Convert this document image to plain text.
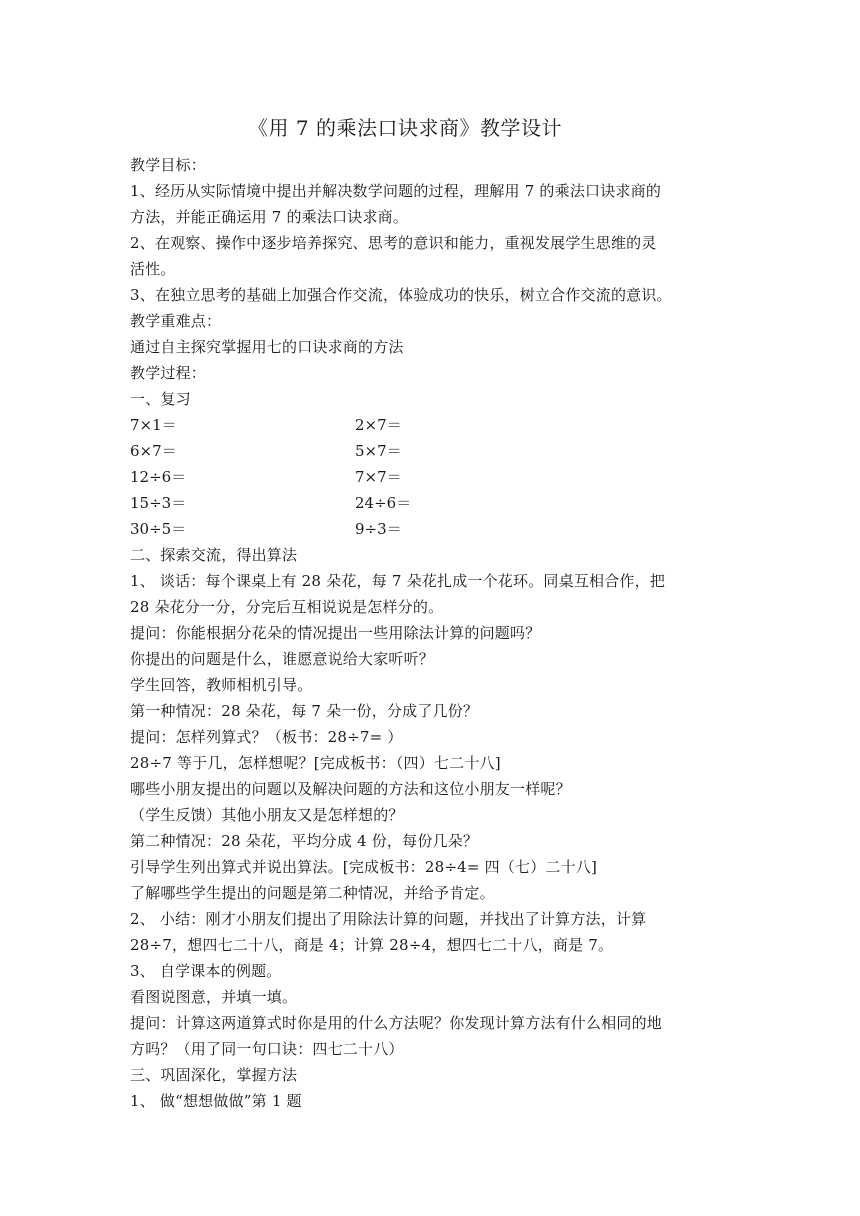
《用 7 的乘法口诀求商》教学设计
教学目标：
1、经历从实际情境中提出并解决数学问题的过程，理解用 7 的乘法口诀求商的
方法，并能正确运用 7 的乘法口诀求商。
2、在观察、操作中逐步培养探究、思考的意识和能力，重视发展学生思维的灵
活性。
3、在独立思考的基础上加强合作交流，体验成功的快乐，树立合作交流的意识。
教学重难点：
通过自主探究掌握用七的口诀求商的方法
教学过程：
一、复习
7×1＝	2×7＝
6×7＝	5×7＝
12÷6＝	7×7＝
15÷3＝	24÷6＝
30÷5＝	9÷3＝
二、探索交流，得出算法
1、 谈话：每个课桌上有 28 朵花，每 7 朵花扎成一个花环。同桌互相合作，把
28 朵花分一分，分完后互相说说是怎样分的。
提问：你能根据分花朵的情况提出一些用除法计算的问题吗？
你提出的问题是什么，谁愿意说给大家听听？
学生回答，教师相机引导。
第一种情况：28 朵花，每 7 朵一份，分成了几份？
提问：怎样列算式？（板书：28÷7= ）
28÷7 等于几，怎样想呢？[完成板书：（四）七二十八]
哪些小朋友提出的问题以及解决问题的方法和这位小朋友一样呢？
（学生反馈）其他小朋友又是怎样想的？
第二种情况：28 朵花，平均分成 4 份，每份几朵？
引导学生列出算式并说出算法。[完成板书：28÷4= 四（七）二十八]
了解哪些学生提出的问题是第二种情况，并给予肯定。
2、 小结：刚才小朋友们提出了用除法计算的问题，并找出了计算方法，计算
28÷7，想四七二十八，商是 4；计算 28÷4，想四七二十八，商是 7。
3、 自学课本的例题。
看图说图意，并填一填。
提问：计算这两道算式时你是用的什么方法呢？你发现计算方法有什么相同的地
方吗？（用了同一句口诀：四七二十八）
三、巩固深化，掌握方法
1、 做“想想做做”第 1 题
